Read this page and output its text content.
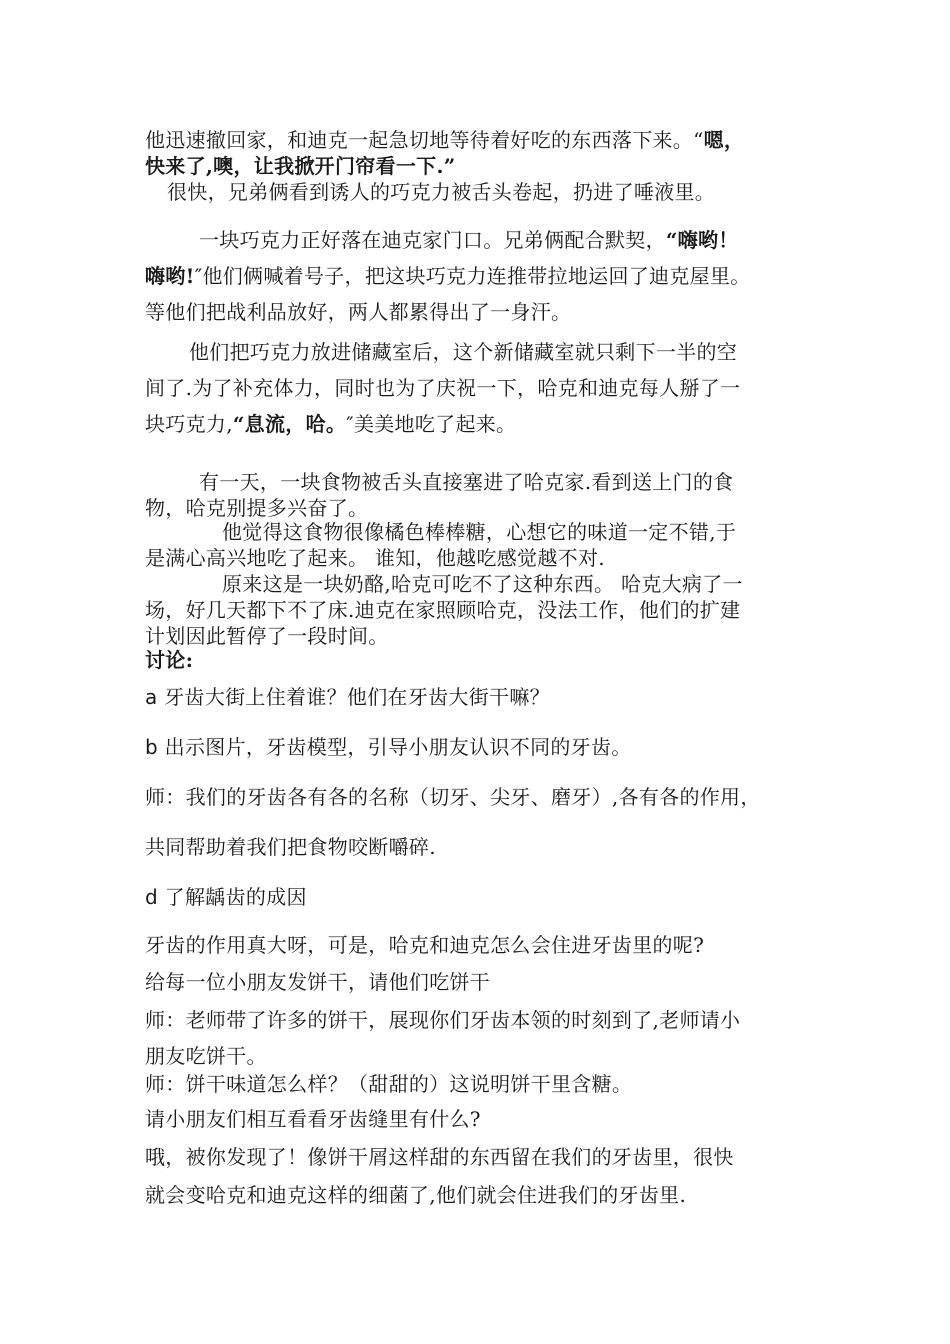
他迅速撤回家，和迪克一起急切地等待着好吃的东西落下来。“嗯，

快来了,噢，让我掀开门帘看一下.”

很快，兄弟俩看到诱人的巧克力被舌头卷起，扔进了唾液里。

一块巧克力正好落在迪克家门口。兄弟俩配合默契，“嗨哟！

嗨哟!″他们俩喊着号子，把这块巧克力连推带拉地运回了迪克屋里。

等他们把战利品放好，两人都累得出了一身汗。

他们把巧克力放进储藏室后，这个新储藏室就只剩下一半的空

间了.为了补充体力，同时也为了庆祝一下，哈克和迪克每人掰了一

块巧克力,“息流，哈。″美美地吃了起来。

有一天，一块食物被舌头直接塞进了哈克家.看到送上门的食

物，哈克别提多兴奋了。

他觉得这食物很像橘色棒棒糖，心想它的味道一定不错,于

是满心高兴地吃了起来。 谁知，他越吃感觉越不对.

原来这是一块奶酪,哈克可吃不了这种东西。 哈克大病了一

场，好几天都下不了床.迪克在家照顾哈克，没法工作，他们的扩建

计划因此暂停了一段时间。

讨论:

a 牙齿大街上住着谁？他们在牙齿大街干嘛？

b 出示图片，牙齿模型，引导小朋友认识不同的牙齿。

师：我们的牙齿各有各的名称（切牙、尖牙、磨牙）,各有各的作用，

共同帮助着我们把食物咬断嚼碎.

d 了解龋齿的成因

牙齿的作用真大呀，可是，哈克和迪克怎么会住进牙齿里的呢?

给每一位小朋友发饼干，请他们吃饼干

师：老师带了许多的饼干，展现你们牙齿本领的时刻到了,老师请小

朋友吃饼干。

师：饼干味道怎么样？（甜甜的）这说明饼干里含糖。

请小朋友们相互看看牙齿缝里有什么?

哦，被你发现了！像饼干屑这样甜的东西留在我们的牙齿里，很快

就会变哈克和迪克这样的细菌了,他们就会住进我们的牙齿里.
